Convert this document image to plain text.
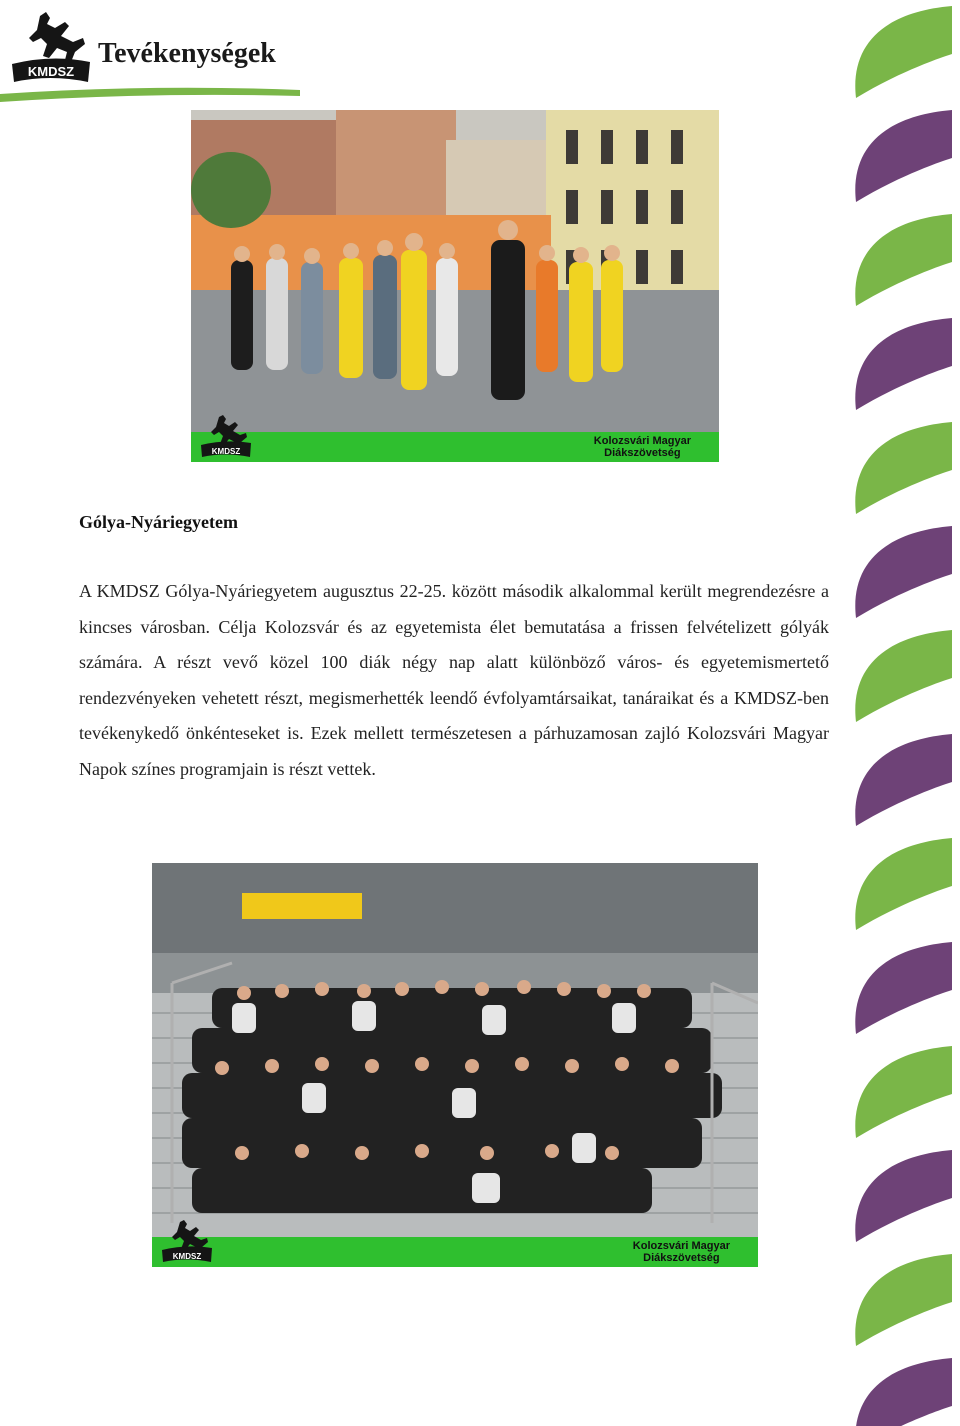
KMDSZ
Tevékenységek
KMDSZ
Kolozsvári Magyar
Diákszövetség
Gólya-Nyáriegyetem
A KMDSZ Gólya-Nyáriegyetem augusztus 22-25. között második alkalommal került megrendezésre a kincses városban. Célja Kolozsvár és az egyetemista élet bemutatása a frissen felvételizett gólyák számára. A részt vevő közel 100 diák négy nap alatt különböző város- és egyetemismertető rendezvényeken vehetett részt, megismerhették leendő évfolyamtársaikat, tanáraikat és a KMDSZ-ben tevékenykedő önkénteseket is. Ezek mellett természetesen a párhuzamosan zajló Kolozsvári Magyar Napok színes programjain is részt vettek.
KMDSZ
Kolozsvári Magyar
Diákszövetség
